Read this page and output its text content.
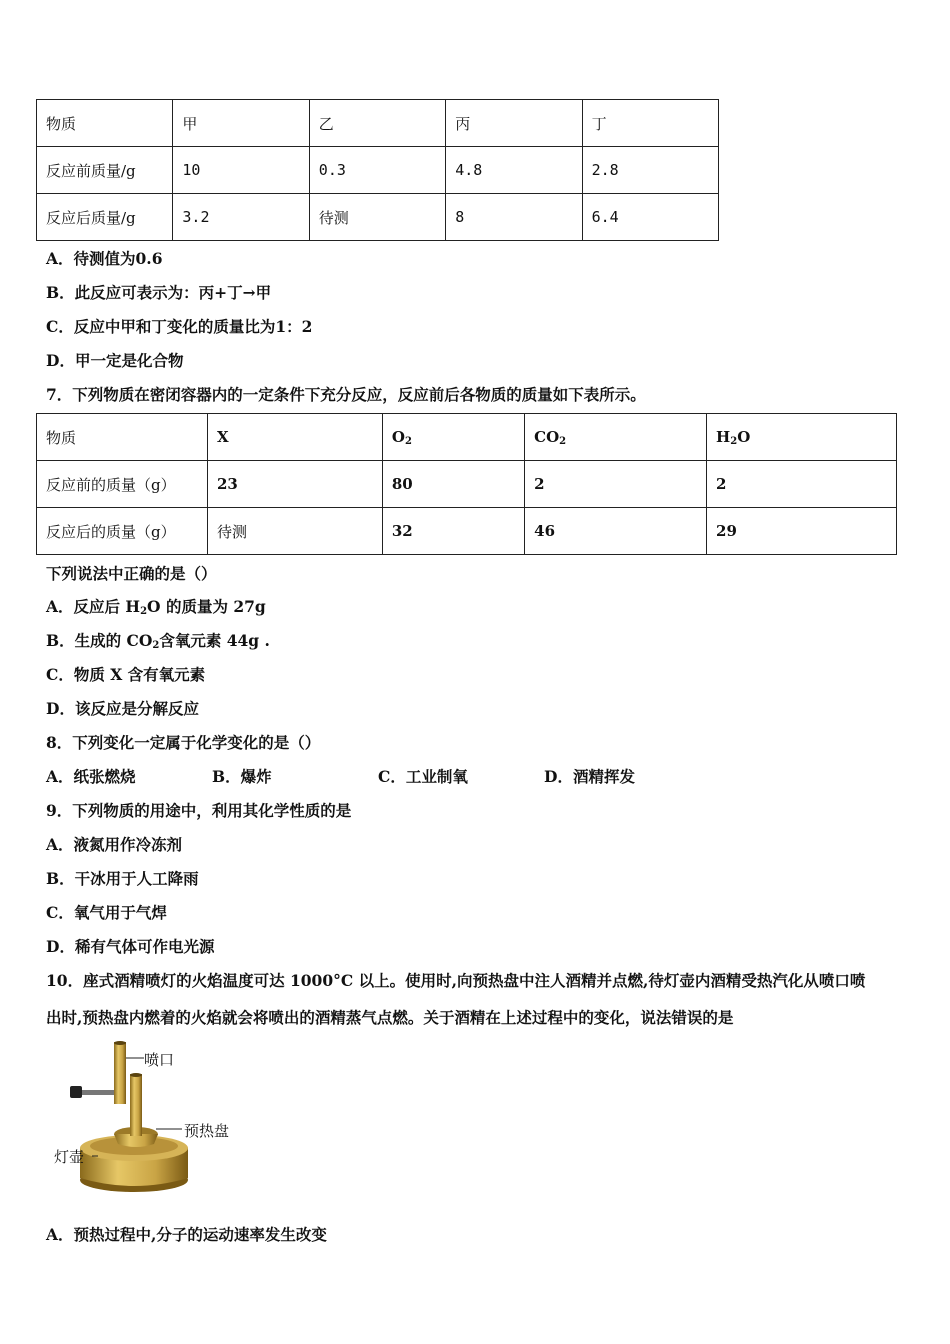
物质	甲	乙	丙	丁
反应前质量/g	10	0.3	4.8	2.8
反应后质量/g	3.2	待测	8	6.4
A．待测值为0.6
B．此反应可表示为：丙+丁→甲
C．反应中甲和丁变化的质量比为1：2
D．甲一定是化合物
7．下列物质在密闭容器内的一定条件下充分反应，反应前后各物质的质量如下表所示。
物质	X	$O_2$	$CO_2$	$H_2O$
反应前的质量（g）	23	80	2	2
反应后的质量（g）	待测	32	46	29
下列说法中正确的是（）
A．反应后 $H_2O$ 的质量为 27g
B．生成的 $CO_2$含氧元素 44g .
C．物质 X 含有氧元素
D．该反应是分解反应
8．下列变化一定属于化学变化的是（）
A．纸张燃烧	B．爆炸	C．工业制氧	D．酒精挥发
9．下列物质的用途中，利用其化学性质的是
A．液氮用作冷冻剂
B．干冰用于人工降雨
C．氧气用于气焊
D．稀有气体可作电光源
10．座式酒精喷灯的火焰温度可达 1000°C 以上。使用时,向预热盘中注人酒精并点燃,待灯壶内酒精受热汽化从喷口喷
出时,预热盘内燃着的火焰就会将喷出的酒精蒸气点燃。关于酒精在上述过程中的变化，说法错误的是
喷口
预热盘
灯壶
A．预热过程中,分子的运动速率发生改变
